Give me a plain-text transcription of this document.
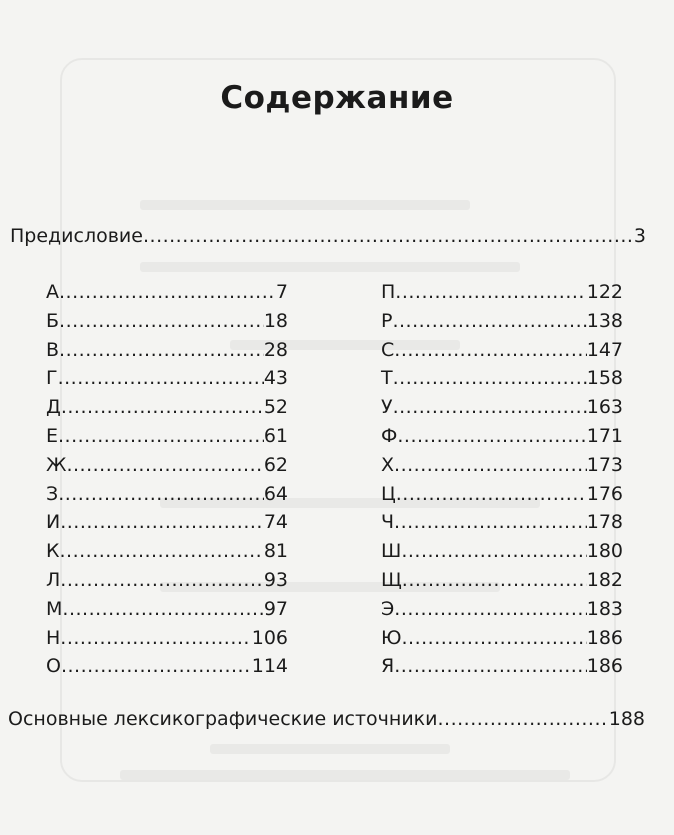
Содержание
Предисловие .....	3
А .....	7
Б .....	18
В .....	28
Г .....	43
Д .....	52
Е .....	61
Ж .....	62
З .....	64
И .....	74
К .....	81
Л .....	93
М .....	97
Н .....	106
О .....	114
П .....	122
Р .....	138
С .....	147
Т .....	158
У .....	163
Ф .....	171
Х .....	173
Ц .....	176
Ч .....	178
Ш .....	180
Щ .....	182
Э .....	183
Ю .....	186
Я .....	186
Основные лексикографические источники .....	188
